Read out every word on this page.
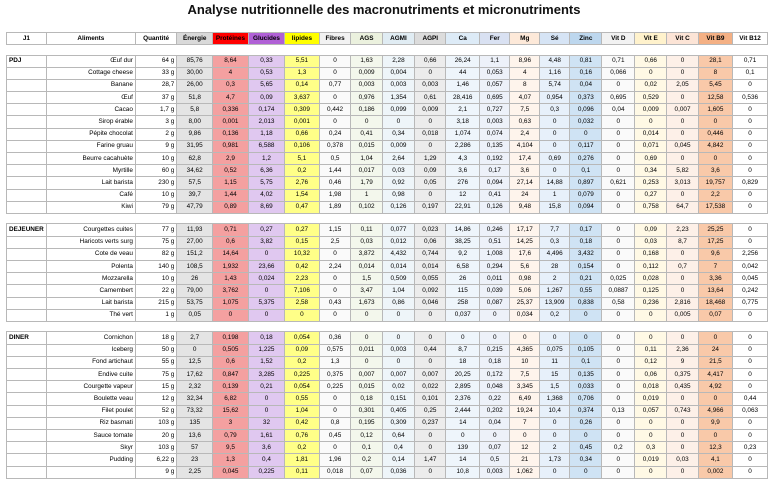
Analyse nutritionnelle des macronutriments et micronutriments
J1	Aliments	Quantité	Énergie	Protéines	Glucides	lipides	Fibres	AGS	AGMI	AGPI	Ca	Fer	Mg	Sé	Zinc	Vit D	Vit E	Vit C	Vit B9	Vit B12

PDJ	Œuf dur	64 g	85,76	8,64	0,33	5,51	0	1,63	2,28	0,66	26,24	1,1	8,96	4,48	0,81	0,71	0,66	0	28,1	0,71
	Cottage cheese	33 g	30,00	4	0,53	1,3	0	0,009	0,004	0	44	0,053	4	1,16	0,16	0,066	0	0	8	0,1
	Banane	28,7	26,00	0,3	5,65	0,14	0,77	0,003	0,003	0,003	1,46	0,057	8	5,74	0,04	0	0,02	2,05	5,45	0
	Œuf	37 g	51,8	4,7	0,09	3,637	0	0,976	1,354	0,61	28,416	0,695	4,07	0,954	0,373	0,695	0,529	0	12,58	0,536
	Cacao	1,7 g	5,8	0,336	0,174	0,309	0,442	0,186	0,099	0,009	2,1	0,727	7,5	0,3	0,096	0,04	0,009	0,007	1,605	0
	Sirop érable	3 g	8,00	0,001	2,013	0,001	0	0	0	0	3,18	0,003	0,63	0	0,032	0	0	0	0	0
	Pépite chocolat	2 g	9,86	0,136	1,18	0,66	0,24	0,41	0,34	0,018	1,074	0,074	2,4	0	0	0	0,014	0	0,446	0
	Farine gruau	9 g	31,95	0,981	6,588	0,106	0,378	0,015	0,009	0	2,286	0,135	4,104	0	0,117	0	0,071	0,045	4,842	0
	Beurre cacahuète	10 g	62,8	2,9	1,2	5,1	0,5	1,04	2,64	1,29	4,3	0,192	17,4	0,69	0,276	0	0,69	0	0	0
	Myrtille	60 g	34,62	0,52	6,36	0,2	1,44	0,017	0,03	0,09	3,6	0,17	3,6	0	0,1	0	0,34	5,82	3,6	0
	Lait barista	230 g	57,5	1,15	5,75	2,76	0,46	1,79	0,92	0,05	276	0,094	27,14	14,88	0,897	0,621	0,253	3,013	19,757	0,829
	Café	10 g	39,7	1,44	4,02	1,54	1,98	1	0,98	0	12	0,41	24	1	0,079	0	0,27	0	2,2	0
	Kiwi	79 g	47,79	0,89	8,69	0,47	1,89	0,102	0,126	0,197	22,91	0,126	9,48	15,8	0,094	0	0,758	64,7	17,538	0

DEJEUNER	Courgettes cuites	77 g	11,93	0,71	0,27	0,27	1,15	0,11	0,077	0,023	14,86	0,246	17,17	7,7	0,17	0	0,09	2,23	25,25	0
	Haricots verts surg	75 g	27,00	0,6	3,82	0,15	2,5	0,03	0,012	0,06	38,25	0,51	14,25	0,3	0,18	0	0,03	8,7	17,25	0
	Cote de veau	82 g	151,2	14,64	0	10,32	0	3,872	4,432	0,744	9,2	1,008	17,6	4,496	3,432	0	0,168	0	9,6	2,256
	Polenta	140 g	108,5	1,932	23,66	0,42	2,24	0,014	0,014	0,014	6,58	0,294	5,6	28	0,154	0	0,112	0,7	7	0,042
	Mozzarella	10 g	26	1,43	0,024	2,23	0	1,5	0,509	0,055	26	0,011	0,98	2	0,21	0,025	0,028	0	3,36	0,045
	Camembert	22 g	79,00	3,762	0	7,106	0	3,47	1,04	0,092	115	0,039	5,06	1,267	0,55	0,0887	0,125	0	13,64	0,242
	Lait barista	215 g	53,75	1,075	5,375	2,58	0,43	1,673	0,86	0,046	258	0,087	25,37	13,909	0,838	0,58	0,236	2,816	18,468	0,775
	Thé vert	1 g	0,05	0	0	0	0	0	0	0	0,037	0	0,034	0,2	0	0	0	0,005	0,07	0

DINER	Cornichon	18 g	2,7	0,198	0,18	0,054	0,36	0	0	0	0	0	0	0	0	0	0	0	0	0
	Iceberg	50 g	0	0,505	1,225	0,09	0,575	0,011	0,003	0,44	8,7	0,215	4,365	0,075	0,105	0	0,11	2,36	24	0
	Fond artichaut	55 g	12,5	0,6	1,52	0,2	1,3	0	0	0	18	0,18	10	11	0,1	0	0,12	9	21,5	0
	Endive cuite	75 g	17,62	0,847	3,285	0,225	0,375	0,007	0,007	0,007	20,25	0,172	7,5	15	0,135	0	0,06	0,375	4,417	0
	Courgette vapeur	15 g	2,32	0,139	0,21	0,054	0,225	0,015	0,02	0,022	2,895	0,048	3,345	1,5	0,033	0	0,018	0,435	4,92	0
	Boulette veau	12 g	32,34	6,82	0	0,55	0	0,18	0,151	0,101	2,376	0,22	6,49	1,368	0,706	0	0,019	0	0	0,44
	Filet poulet	52 g	73,32	15,62	0	1,04	0	0,301	0,405	0,25	2,444	0,202	19,24	10,4	0,374	0,13	0,057	0,743	4,966	0,063
	Riz basmati	103 g	135	3	32	0,42	0,8	0,195	0,309	0,237	14	0,04	7	0	0,26	0	0	0	9,9	0
	Sauce tomate	20 g	13,6	0,79	1,61	0,76	0,45	0,12	0,64	0	0	0	0	0	0	0	0	0	0	0
	Skyr	103 g	57	9,5	3,6	0,2	0	0,1	0,4	0	139	0,07	12	2	0,45	0,2	0,3	0	12,3	0,23
	Pudding	6,22 g	23	1,3	0,4	1,81	1,96	0,2	0,14	1,47	14	0,5	21	1,73	0,34	0	0,019	0,03	4,1	0
		9 g	2,25	0,045	0,225	0,11	0,018	0,07	0,036	0	10,8	0,003	1,062	0	0	0	0	0	0,002	0
